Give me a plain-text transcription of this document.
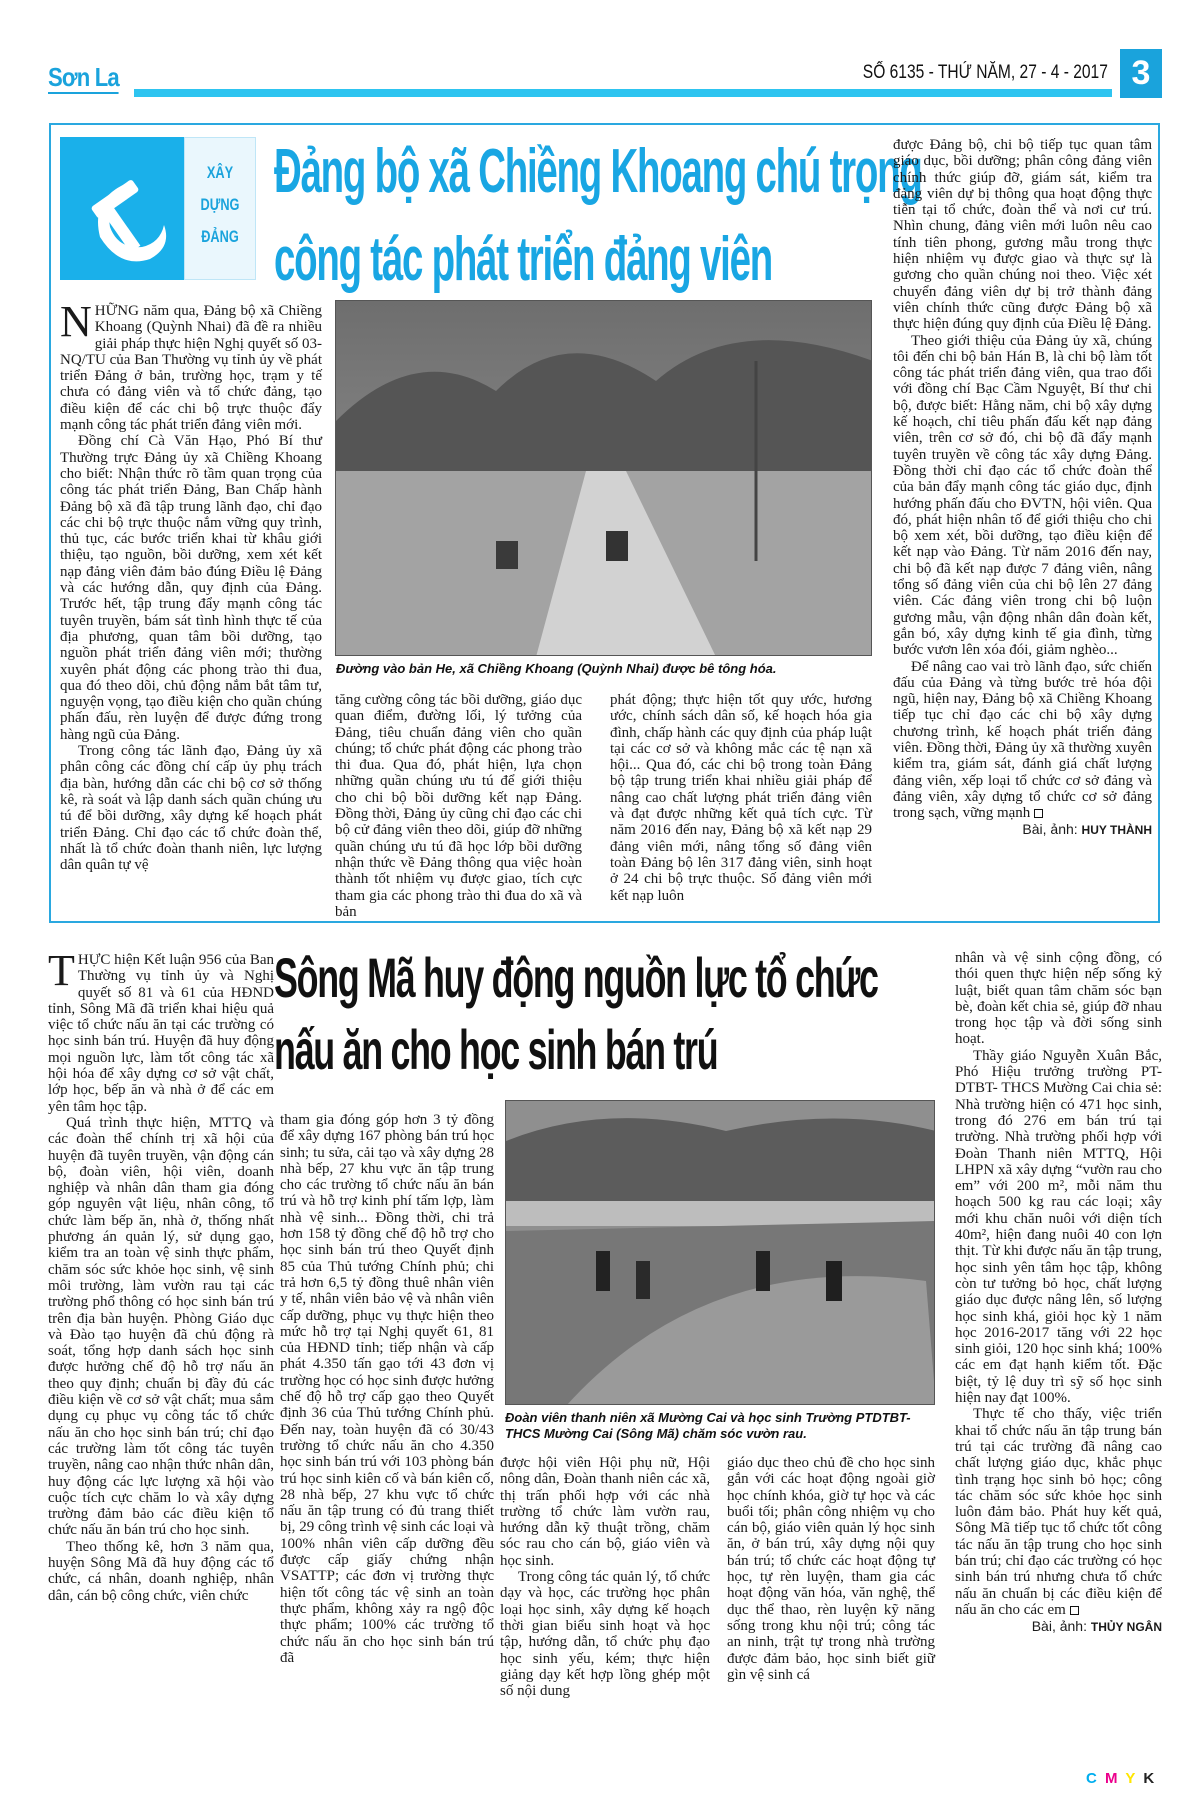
Sơn La	SỐ 6135 - THỨ NĂM, 27 - 4 - 2017 3
XÂY
DỰNG
ĐẢNG
Đảng bộ xã Chiềng Khoang chú trọng
công tác phát triển đảng viên

NHỮNG năm qua, Đảng bộ xã Chiềng Khoang (Quỳnh Nhai) đã đề ra nhiều giải pháp thực hiện Nghị quyết số 03-NQ/TU của Ban Thường vụ tỉnh ủy về phát triển Đảng ở bản, trường học, trạm y tế chưa có đảng viên và tổ chức đảng, tạo điều kiện để các chi bộ trực thuộc đẩy mạnh công tác phát triển đảng viên mới.

Đồng chí Cà Văn Hạo, Phó Bí thư Thường trực Đảng ủy xã Chiềng Khoang cho biết: Nhận thức rõ tầm quan trọng của công tác phát triển Đảng, Ban Chấp hành Đảng bộ xã đã tập trung lãnh đạo, chỉ đạo các chi bộ trực thuộc nắm vững quy trình, thủ tục, các bước triển khai từ khâu giới thiệu, tạo nguồn, bồi dưỡng, xem xét kết nạp đảng viên đảm bảo đúng Điều lệ Đảng và các hướng dẫn, quy định của Đảng. Trước hết, tập trung đẩy mạnh công tác tuyên truyền, bám sát tình hình thực tế của địa phương, quan tâm bồi dưỡng, tạo nguồn phát triển đảng viên mới; thường xuyên phát động các phong trào thi đua, qua đó theo dõi, chủ động nắm bắt tâm tư, nguyện vọng, tạo điều kiện cho quần chúng phấn đấu, rèn luyện để được đứng trong hàng ngũ của Đảng.

Trong công tác lãnh đạo, Đảng ủy xã phân công các đồng chí cấp ủy phụ trách địa bàn, hướng dẫn các chi bộ cơ sở thống kê, rà soát và lập danh sách quần chúng ưu tú để bồi dưỡng, xây dựng kế hoạch phát triển Đảng. Chỉ đạo các tổ chức đoàn thể, nhất là tổ chức đoàn thanh niên, lực lượng dân quân tự vệ

Đường vào bản He, xã Chiềng Khoang (Quỳnh Nhai) được bê tông hóa.

tăng cường công tác bồi dưỡng, giáo dục quan điểm, đường lối, lý tưởng của Đảng, tiêu chuẩn đảng viên cho quần chúng; tổ chức phát động các phong trào thi đua. Qua đó, phát hiện, lựa chọn những quần chúng ưu tú để giới thiệu cho chi bộ bồi dưỡng kết nạp Đảng. Đồng thời, Đảng ủy cũng chỉ đạo các chi bộ cử đảng viên theo dõi, giúp đỡ những quần chúng ưu tú đã học lớp bồi dưỡng nhận thức về Đảng thông qua việc hoàn thành tốt nhiệm vụ được giao, tích cực tham gia các phong trào thi đua do xã và bản

phát động; thực hiện tốt quy ước, hương ước, chính sách dân số, kế hoạch hóa gia đình, chấp hành các quy định của pháp luật tại các cơ sở và không mắc các tệ nạn xã hội... Qua đó, các chi bộ trong toàn Đảng bộ tập trung triển khai nhiều giải pháp để nâng cao chất lượng phát triển đảng viên và đạt được những kết quả tích cực. Từ năm 2016 đến nay, Đảng bộ xã kết nạp 29 đảng viên mới, nâng tổng số đảng viên toàn Đảng bộ lên 317 đảng viên, sinh hoạt ở 24 chi bộ trực thuộc. Số đảng viên mới kết nạp luôn

được Đảng bộ, chi bộ tiếp tục quan tâm giáo dục, bồi dưỡng; phân công đảng viên chính thức giúp đỡ, giám sát, kiểm tra đảng viên dự bị thông qua hoạt động thực tiễn tại tổ chức, đoàn thể và nơi cư trú. Nhìn chung, đảng viên mới luôn nêu cao tính tiên phong, gương mẫu trong thực hiện nhiệm vụ được giao và thực sự là gương cho quần chúng noi theo. Việc xét chuyển đảng viên dự bị trở thành đảng viên chính thức cũng được Đảng bộ xã thực hiện đúng quy định của Điều lệ Đảng.

Theo giới thiệu của Đảng ủy xã, chúng tôi đến chi bộ bản Hán B, là chi bộ làm tốt công tác phát triển đảng viên, qua trao đổi với đồng chí Bạc Cầm Nguyệt, Bí thư chi bộ, được biết: Hằng năm, chi bộ xây dựng kế hoạch, chỉ tiêu phấn đấu kết nạp đảng viên, trên cơ sở đó, chi bộ đã đẩy mạnh tuyên truyền về công tác xây dựng Đảng. Đồng thời chỉ đạo các tổ chức đoàn thể của bản đẩy mạnh công tác giáo dục, định hướng phấn đấu cho ĐVTN, hội viên. Qua đó, phát hiện nhân tố để giới thiệu cho chi bộ xem xét, bồi dưỡng, tạo điều kiện để kết nạp vào Đảng. Từ năm 2016 đến nay, chi bộ đã kết nạp được 7 đảng viên, nâng tổng số đảng viên của chi bộ lên 27 đảng viên. Các đảng viên trong chi bộ luộn gương mẫu, vận động nhân dân đoàn kết, gắn bó, xây dựng kinh tế gia đình, từng bước vươn lên xóa đói, giảm nghèo...

Để nâng cao vai trò lãnh đạo, sức chiến đấu của Đảng và từng bước trẻ hóa đội ngũ, hiện nay, Đảng bộ xã Chiềng Khoang tiếp tục chỉ đạo các chi bộ xây dựng chương trình, kế hoạch phát triển đảng viên. Đồng thời, Đảng ủy xã thường xuyên kiểm tra, giám sát, đánh giá chất lượng đảng viên, xếp loại tổ chức cơ sở đảng và đảng viên, xây dựng tổ chức cơ sở đảng trong sạch, vững mạnh

Bài, ảnh: HUY THÀNH

THỰC hiện Kết luận 956 của Ban Thường vụ tỉnh ủy và Nghị quyết số 81 và 61 của HĐND tỉnh, Sông Mã đã triển khai hiệu quả việc tổ chức nấu ăn tại các trường có học sinh bán trú. Huyện đã huy động mọi nguồn lực, làm tốt công tác xã hội hóa để xây dựng cơ sở vật chất, lớp học, bếp ăn và nhà ở để các em yên tâm học tập.

Quá trình thực hiện, MTTQ và các đoàn thể chính trị xã hội của huyện đã tuyên truyền, vận động cán bộ, đoàn viên, hội viên, doanh nghiệp và nhân dân tham gia đóng góp nguyên vật liệu, nhân công, tổ chức làm bếp ăn, nhà ở, thống nhất phương án quản lý, sử dụng gạo, kiểm tra an toàn vệ sinh thực phẩm, chăm sóc sức khỏe học sinh, vệ sinh môi trường, làm vườn rau tại các trường phổ thông có học sinh bán trú trên địa bàn huyện. Phòng Giáo dục và Đào tạo huyện đã chủ động rà soát, tổng hợp danh sách học sinh được hưởng chế độ hỗ trợ nấu ăn theo quy định; chuẩn bị đầy đủ các điều kiện về cơ sở vật chất; mua sắm dụng cụ phục vụ công tác tổ chức nấu ăn cho học sinh bán trú; chỉ đạo các trường làm tốt công tác tuyên truyền, nâng cao nhận thức nhân dân, huy động các lực lượng xã hội vào cuộc tích cực chăm lo và xây dựng trường đảm bảo các điều kiện tổ chức nấu ăn bán trú cho học sinh.

Theo thống kê, hơn 3 năm qua, huyện Sông Mã đã huy động các tổ chức, cá nhân, doanh nghiệp, nhân dân, cán bộ công chức, viên chức

Sông Mã huy động nguồn lực tổ chức
nấu ăn cho học sinh bán trú

tham gia đóng góp hơn 3 tỷ đồng để xây dựng 167 phòng bán trú học sinh; tu sửa, cải tạo và xây dựng 28 nhà bếp, 27 khu vực ăn tập trung cho các trường tổ chức nấu ăn bán trú và hỗ trợ kinh phí tấm lợp, làm nhà vệ sinh... Đồng thời, chi trả hơn 158 tỷ đồng chế độ hỗ trợ cho học sinh bán trú theo Quyết định 85 của Thủ tướng Chính phủ; chi trả hơn 6,5 tỷ đồng thuê nhân viên y tế, nhân viên bảo vệ và nhân viên cấp dưỡng, phục vụ thực hiện theo mức hỗ trợ tại Nghị quyết 61, 81 của HĐND tỉnh; tiếp nhận và cấp phát 4.350 tấn gạo tới 43 đơn vị trường học có học sinh được hưởng chế độ hỗ trợ cấp gạo theo Quyết định 36 của Thủ tướng Chính phủ. Đến nay, toàn huyện đã có 30/43 trường tổ chức nấu ăn cho 4.350 học sinh bán trú với 103 phòng bán trú học sinh kiên cố và bán kiên cố, 28 nhà bếp, 27 khu vực tổ chức nấu ăn tập trung có đủ trang thiết bị, 29 công trình vệ sinh các loại và 100% nhân viên cấp dưỡng đều được cấp giấy chứng nhận VSATTP; các đơn vị trường thực hiện tốt công tác vệ sinh an toàn thực phẩm, không xảy ra ngộ độc thực phẩm; 100% các trường tổ chức nấu ăn cho học sinh bán trú đã

Đoàn viên thanh niên xã Mường Cai và học sinh Trường PTDTBT- THCS Mường Cai (Sông Mã) chăm sóc vườn rau.

được hội viên Hội phụ nữ, Hội nông dân, Đoàn thanh niên các xã, thị trấn phối hợp với các nhà trường tổ chức làm vườn rau, hướng dẫn kỹ thuật trồng, chăm sóc rau cho cán bộ, giáo viên và học sinh.

Trong công tác quản lý, tổ chức dạy và học, các trường học phân loại học sinh, xây dựng kế hoạch thời gian biểu sinh hoạt và học tập, hướng dẫn, tổ chức phụ đạo học sinh yếu, kém; thực hiện giảng dạy kết hợp lồng ghép một số nội dung

giáo dục theo chủ đề cho học sinh gắn với các hoạt động ngoài giờ học chính khóa, giờ tự học và các buổi tối; phân công nhiệm vụ cho cán bộ, giáo viên quản lý học sinh ăn, ở bán trú, xây dựng nội quy bán trú; tổ chức các hoạt động tự học, tự rèn luyện, tham gia các hoạt động văn hóa, văn nghệ, thể dục thể thao, rèn luyện kỹ năng sống trong khu nội trú; công tác an ninh, trật tự trong nhà trường được đảm bảo, học sinh biết giữ gìn vệ sinh cá

nhân và vệ sinh cộng đồng, có thói quen thực hiện nếp sống kỷ luật, biết quan tâm chăm sóc bạn bè, đoàn kết chia sẻ, giúp đỡ nhau trong học tập và đời sống sinh hoạt.

Thầy giáo Nguyễn Xuân Bắc, Phó Hiệu trưởng trường PT-DTBT- THCS Mường Cai chia sẻ: Nhà trường hiện có 471 học sinh, trong đó 276 em bán trú tại trường. Nhà trường phối hợp với Đoàn Thanh niên MTTQ, Hội LHPN xã xây dựng “vườn rau cho em” với 200 m², mỗi năm thu hoạch 500 kg rau các loại; xây mới khu chăn nuôi với diện tích 40m², hiện đang nuôi 40 con lợn thịt. Từ khi được nấu ăn tập trung, học sinh yên tâm học tập, không còn tư tưởng bỏ học, chất lượng giáo dục được nâng lên, số lượng học sinh khá, giỏi học kỳ 1 năm học 2016-2017 tăng với 22 học sinh giỏi, 120 học sinh khá; 100% các em đạt hạnh kiểm tốt. Đặc biệt, tỷ lệ duy trì sỹ số học sinh hiện nay đạt 100%.

Thực tế cho thấy, việc triển khai tổ chức nấu ăn tập trung bán trú tại các trường đã nâng cao chất lượng giáo dục, khắc phục tình trạng học sinh bỏ học; công tác chăm sóc sức khỏe học sinh luôn đảm bảo. Phát huy kết quả, Sông Mã tiếp tục tổ chức tốt công tác nấu ăn tập trung cho học sinh bán trú; chỉ đạo các trường có học sinh bán trú nhưng chưa tổ chức nấu ăn chuẩn bị các điều kiện để nấu ăn cho các em

Bài, ảnh: THỦY NGÂN
C M Y K
